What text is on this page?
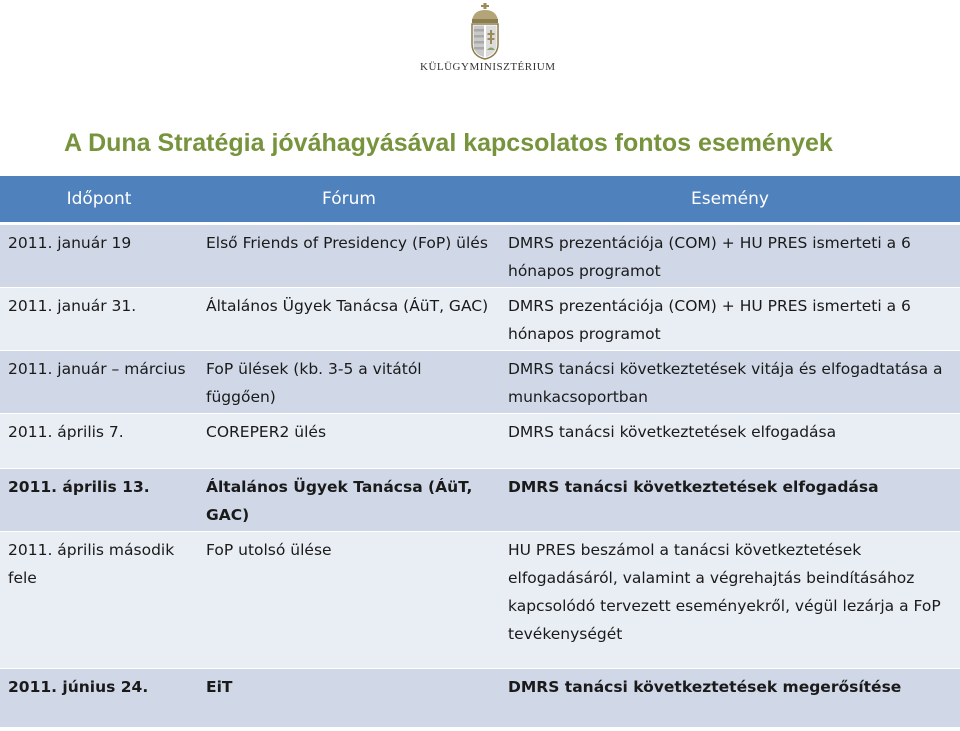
KÜLÜGYMINISZTÉRIUM
A Duna Stratégia jóváhagyásával kapcsolatos fontos események
Időpont	Fórum	Esemény
2011. január 19	Első Friends of Presidency (FoP) ülés	DMRS prezentációja (COM) + HU PRES ismerteti a 6 hónapos programot
2011. január 31.	Általános Ügyek Tanácsa (ÁüT, GAC)	DMRS prezentációja (COM) + HU PRES ismerteti a 6 hónapos programot
2011. január – március	FoP ülések (kb. 3-5 a vitától függően)	DMRS tanácsi következtetések vitája és elfogadtatása a munkacsoportban
2011. április 7.	COREPER2 ülés	DMRS tanácsi következtetések elfogadása
2011. április 13.	Általános Ügyek Tanácsa (ÁüT, GAC)	DMRS tanácsi következtetések elfogadása
2011. április második fele	FoP utolsó ülése	HU PRES beszámol a tanácsi következtetések elfogadásáról, valamint a végrehajtás beindításához kapcsolódó tervezett eseményekről, végül lezárja a FoP tevékenységét
2011. június 24.	EiT	DMRS tanácsi következtetések megerősítése
